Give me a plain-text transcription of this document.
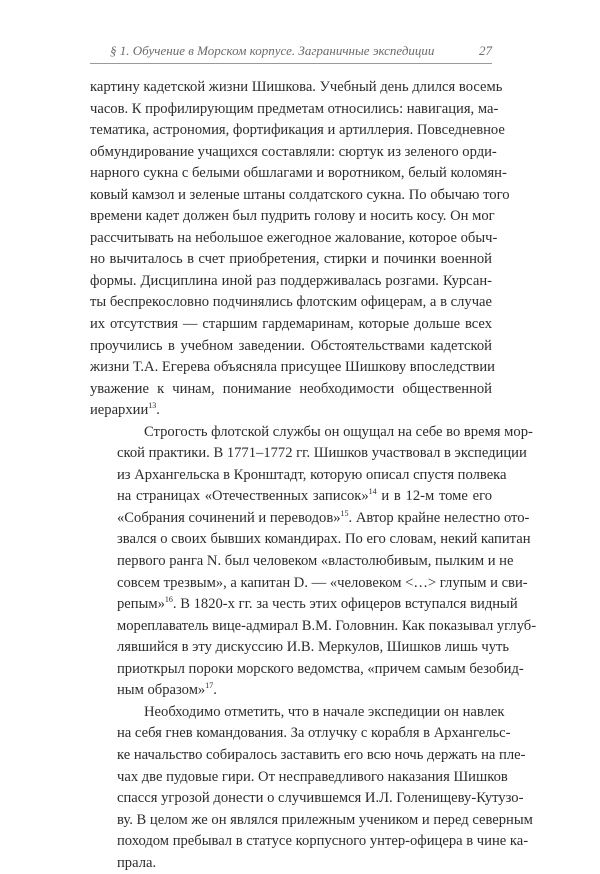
§ 1. Обучение в Морском корпусе. Заграничные экспедиции	27
картину кадетской жизни Шишкова. Учебный день длился восемь
часов. К профилирующим предметам относились: навигация, ма-
тематика, астрономия, фортификация и артиллерия. Повседневное
обмундирование учащихся составляли: сюртук из зеленого орди-
нарного сукна с белыми обшлагами и воротником, белый коломян-
ковый камзол и зеленые штаны солдатского сукна. По обычаю того
времени кадет должен был пудрить голову и носить косу. Он мог
рассчитывать на небольшое ежегодное жалование, которое обыч-
но вычиталось в счет приобретения, стирки и починки военной
формы. Дисциплина иной раз поддерживалась розгами. Курсан-
ты беспрекословно подчинялись флотским офицерам, а в случае
их отсутствия — старшим гардемаринам, которые дольше всех
проучились в учебном заведении. Обстоятельствами кадетской
жизни Т.А. Егерева объясняла присущее Шишкову впоследствии
уважение к чинам, понимание необходимости общественной
иерархии$^{13}$.
Строгость флотской службы он ощущал на себе во время мор-
ской практики. В 1771–1772 гг. Шишков участвовал в экспедиции
из Архангельска в Кронштадт, которую описал спустя полвека
на страницах «Отечественных записок»$^{14}$ и в 12-м томе его
«Собрания сочинений и переводов»$^{15}$. Автор крайне нелестно ото-
звался о своих бывших командирах. По его словам, некий капитан
первого ранга N. был человеком «властолюбивым, пылким и не
совсем трезвым», а капитан D. — «человеком <…> глупым и сви-
репым»$^{16}$. В 1820-х гг. за честь этих офицеров вступался видный
мореплаватель вице-адмирал В.М. Головнин. Как показывал углуб-
лявшийся в эту дискуссию И.В. Меркулов, Шишков лишь чуть
приоткрыл пороки морского ведомства, «причем самым безобид-
ным образом»$^{17}$.
Необходимо отметить, что в начале экспедиции он навлек
на себя гнев командования. За отлучку с корабля в Архангельс-
ке начальство собиралось заставить его всю ночь держать на пле-
чах две пудовые гири. От несправедливого наказания Шишков
спасся угрозой донести о случившемся И.Л. Голенищеву-Кутузо-
ву. В целом же он являлся прилежным учеником и перед северным
походом пребывал в статусе корпусного унтер-офицера в чине ка-
прала.
